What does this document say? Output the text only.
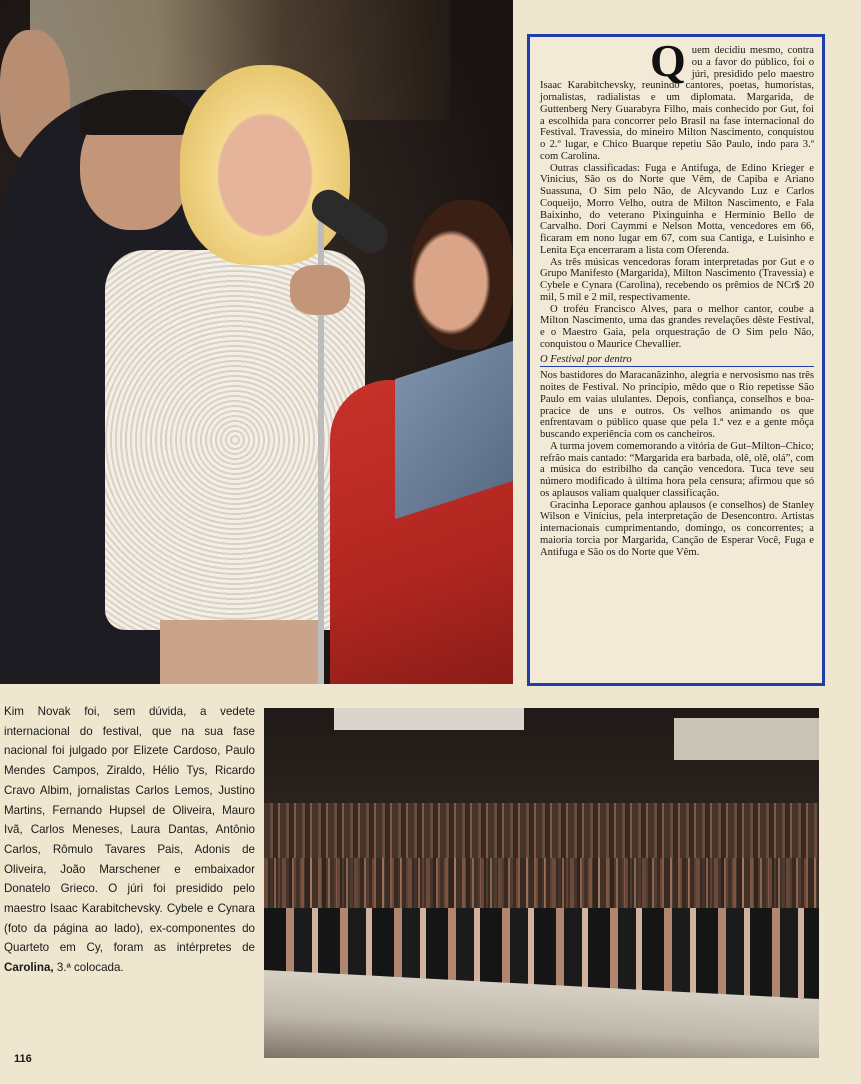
Quem decidiu mesmo, contra ou a favor do público, foi o júri, presidido pelo maestro Isaac Karabitchevsky, reunindo cantores, poetas, humoristas, jornalistas, radialistas e um diplomata. Margarida, de Guttenberg Nery Guarabyra Filho, mais conhecido por Gut, foi a escolhida para concorrer pelo Brasil na fase internacional do Festival. Travessia, do mineiro Milton Nascimento, conquistou o 2.º lugar, e Chico Buarque repetiu São Paulo, indo para 3.º com Carolina.

Outras classificadas: Fuga e Antifuga, de Edino Krieger e Vinicius, São os do Norte que Vêm, de Capiba e Ariano Suassuna, O Sim pelo Não, de Alcyvando Luz e Carlos Coqueijo, Morro Velho, outra de Milton Nascimento, e Fala Baixinho, do veterano Pixinguinha e Hermínio Bello de Carvalho. Dori Caymmi e Nelson Motta, vencedores em 66, ficaram em nono lugar em 67, com sua Cantiga, e Luisinho e Lenita Eça encerraram a lista com Oferenda.

As três músicas vencedoras foram interpretadas por Gut e o Grupo Manifesto (Margarida), Milton Nascimento (Travessia) e Cybele e Cynara (Carolina), recebendo os prêmios de NCr$ 20 mil, 5 mil e 2 mil, respectivamente.

O troféu Francisco Alves, para o melhor cantor, coube a Milton Nascimento, uma das grandes revelações dêste Festival, e o Maestro Gaia, pela orquestração de O Sim pelo Não, conquistou o Maurice Chevallier.

O Festival por dentro

Nos bastidores do Maracanãzinho, alegria e nervosismo nas três noites de Festival. No princípio, mêdo que o Rio repetisse São Paulo em vaias ululantes. Depois, confiança, conselhos e boa-pracice de uns e outros. Os velhos animando os que enfrentavam o público quase que pela 1.ª vez e a gente môça buscando experiência com os cancheiros.

A turma jovem comemorando a vitória de Gut–Milton–Chico; refrão mais cantado: “Margarida era barbada, olê, olê, olá”, com a música do estribilho da canção vencedora. Tuca teve seu número modificado à última hora pela censura; afirmou que só os aplausos valiam qualquer classificação.

Gracinha Leporace ganhou aplausos (e conselhos) de Stanley Wilson e Vinícius, pela interpretação de Desencontro. Artistas internacionais cumprimentando, domingo, os concorrentes; a maioria torcia por Margarida, Canção de Esperar Você, Fuga e Antifuga e São os do Norte que Vêm.

Kim Novak foi, sem dúvida, a vedete internacional do festival, que na sua fase nacional foi julgado por Elizete Cardoso, Paulo Mendes Campos, Ziraldo, Hélio Tys, Ricardo Cravo Albim, jornalistas Carlos Lemos, Justino Martins, Fernando Hupsel de Oliveira, Mauro Ivã, Carlos Meneses, Laura Dantas, Antônio Carlos, Rômulo Tavares Pais, Adonis de Oliveira, João Marschener e embaixador Donatelo Grieco. O júri foi presidido pelo maestro Isaac Karabitchevsky. Cybele e Cynara (foto da página ao lado), ex-componentes do Quarteto em Cy, foram as intérpretes de Carolina, 3.ª colocada.
116
